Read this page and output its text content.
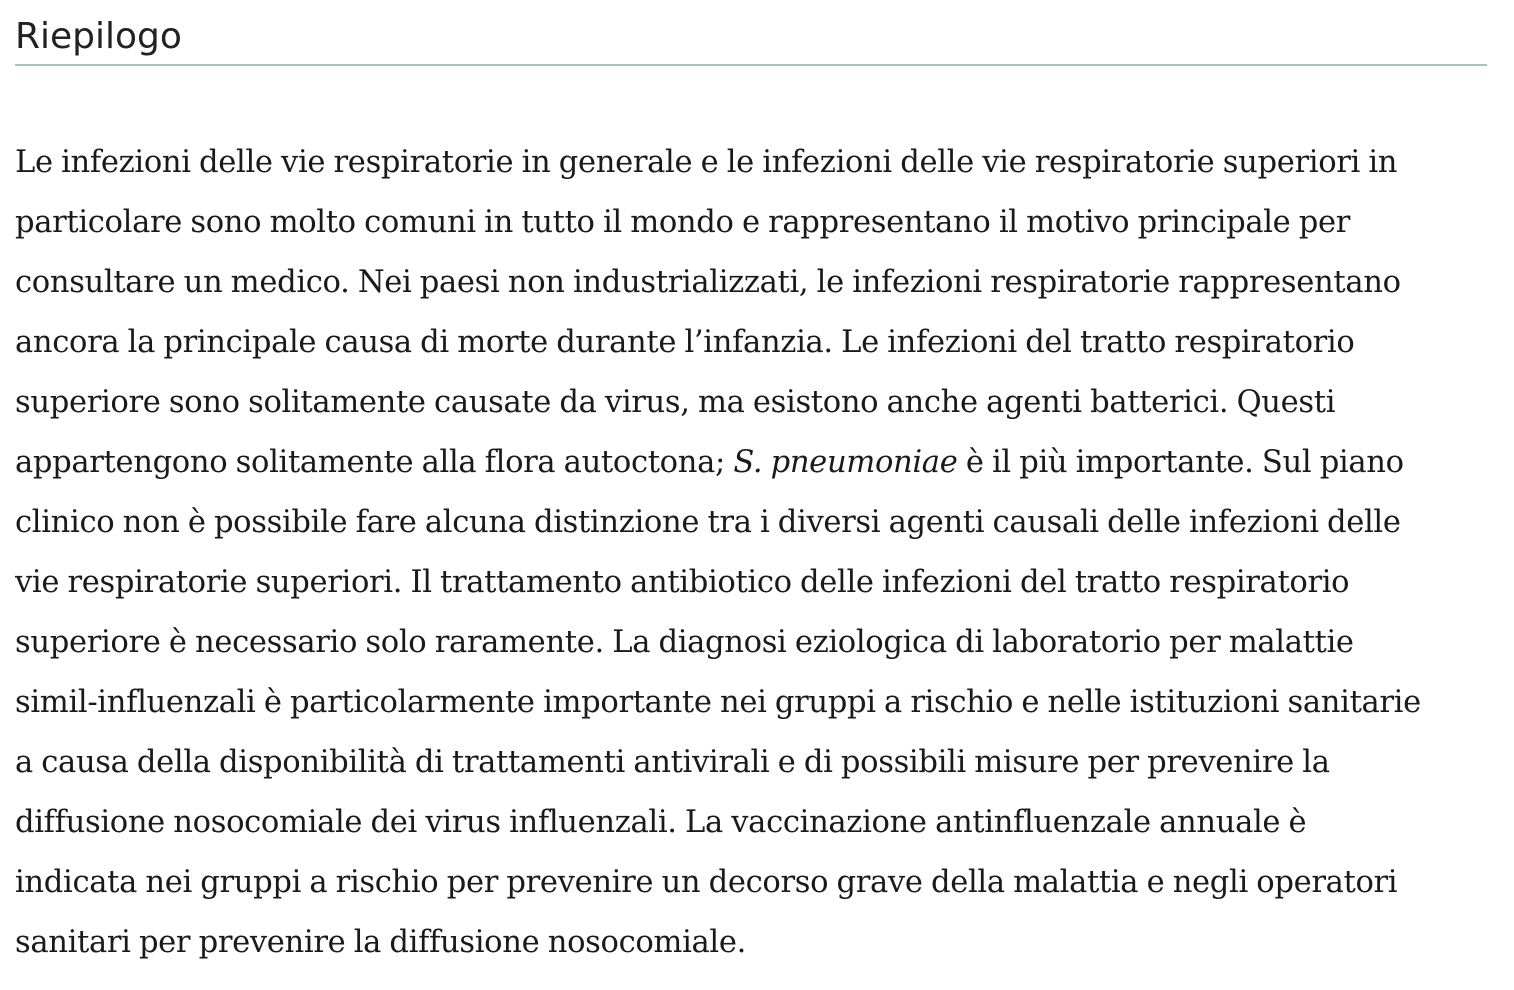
Riepilogo

Le infezioni delle vie respiratorie in generale e le infezioni delle vie respiratorie superiori in
particolare sono molto comuni in tutto il mondo e rappresentano il motivo principale per
consultare un medico. Nei paesi non industrializzati, le infezioni respiratorie rappresentano
ancora la principale causa di morte durante l’infanzia. Le infezioni del tratto respiratorio
superiore sono solitamente causate da virus, ma esistono anche agenti batterici. Questi
appartengono solitamente alla flora autoctona; S. pneumoniae è il più importante. Sul piano
clinico non è possibile fare alcuna distinzione tra i diversi agenti causali delle infezioni delle
vie respiratorie superiori. Il trattamento antibiotico delle infezioni del tratto respiratorio
superiore è necessario solo raramente. La diagnosi eziologica di laboratorio per malattie
simil-influenzali è particolarmente importante nei gruppi a rischio e nelle istituzioni sanitarie
a causa della disponibilità di trattamenti antivirali e di possibili misure per prevenire la
diffusione nosocomiale dei virus influenzali. La vaccinazione antinfluenzale annuale è
indicata nei gruppi a rischio per prevenire un decorso grave della malattia e negli operatori
sanitari per prevenire la diffusione nosocomiale.
